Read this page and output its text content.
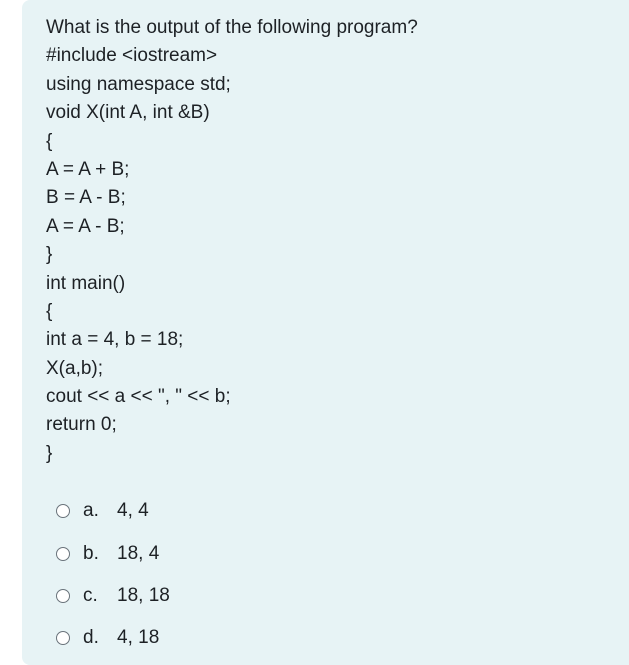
What is the output of the following program?
#include <iostream>
using namespace std;
void X(int A, int &B)
{
A = A + B;
B = A - B;
A = A - B;
}
int main()
{
int a = 4, b = 18;
X(a,b);
cout << a << ", " << b;
return 0;
}
a. 4, 4
b. 18, 4
c.	18, 18
d. 4, 18
